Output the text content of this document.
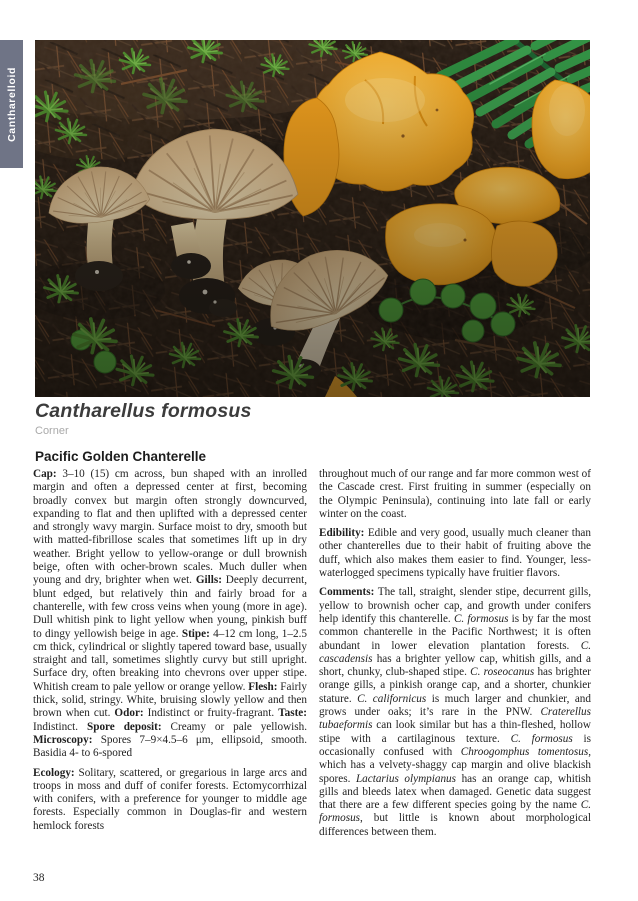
Cantharelloid
Cantharellus formosus
Corner
Pacific Golden Chanterelle

Cap: 3–10 (15) cm across, bun shaped with an inrolled margin and often a depressed center at first, becoming broadly convex but margin often strongly downcurved, expanding to flat and then uplifted with a depressed center and strongly wavy margin. Surface moist to dry, smooth but with matted-fibrillose scales that sometimes lift up in dry weather. Bright yellow to yellow-orange or dull brownish beige, often with ocher-brown scales. Much duller when young and dry, brighter when wet. Gills: Deeply decurrent, blunt edged, but relatively thin and fairly broad for a chanterelle, with few cross veins when young (more in age). Dull whitish pink to light yellow when young, pinkish buff to dingy yellowish beige in age. Stipe: 4–12 cm long, 1–2.5 cm thick, cylindrical or slightly tapered toward base, usually straight and tall, sometimes slightly curvy but still upright. Surface dry, often breaking into chevrons over upper stipe. Whitish cream to pale yellow or orange yellow. Flesh: Fairly thick, solid, stringy. White, bruising slowly yellow and then brown when cut. Odor: Indistinct or fruity-fragrant. Taste: Indistinct. Spore deposit: Creamy or pale yellowish. Microscopy: Spores 7–9×4.5–6 μm, ellipsoid, smooth. Basidia 4- to 6-spored

Ecology: Solitary, scattered, or gregarious in large arcs and troops in moss and duff of conifer forests. Ectomycorrhizal with conifers, with a preference for younger to middle age forests. Especially common in Douglas-fir and western hemlock forests

throughout much of our range and far more common west of the Cascade crest. First fruiting in summer (especially on the Olympic Peninsula), continuing into late fall or early winter on the coast.

Edibility: Edible and very good, usually much cleaner than other chanterelles due to their habit of fruiting above the duff, which also makes them easier to find. Younger, less-waterlogged specimens typically have fruitier flavors.

Comments: The tall, straight, slender stipe, decurrent gills, yellow to brownish ocher cap, and growth under conifers help identify this chanterelle. C. formosus is by far the most common chanterelle in the Pacific Northwest; it is often abundant in lower elevation plantation forests. C. cascadensis has a brighter yellow cap, whitish gills, and a short, chunky, club-shaped stipe. C. roseocanus has brighter orange gills, a pinkish orange cap, and a shorter, chunkier stature. C. californicus is much larger and chunkier, and grows under oaks; it’s rare in the PNW. Craterellus tubaeformis can look similar but has a thin-fleshed, hollow stipe with a cartilaginous texture. C. formosus is occasionally confused with Chroogomphus tomentosus, which has a velvety-shaggy cap margin and olive blackish spores. Lactarius olympianus has an orange cap, whitish gills and bleeds latex when damaged. Genetic data suggest that there are a few different species going by the name C. formosus, but little is known about morphological differences between them.

38
